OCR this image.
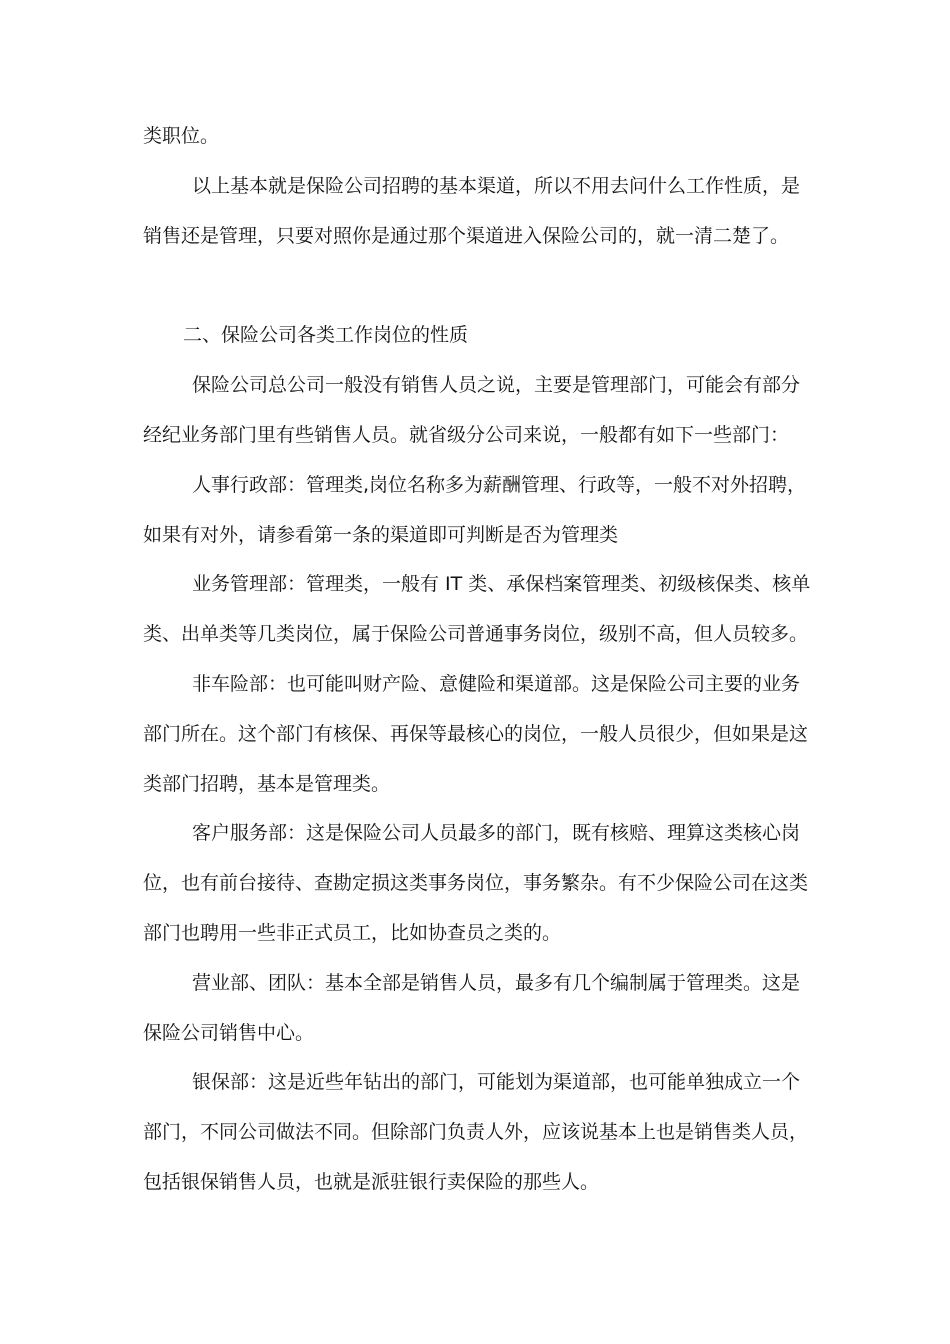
类职位。
以上基本就是保险公司招聘的基本渠道，所以不用去问什么工作性质，是
销售还是管理，只要对照你是通过那个渠道进入保险公司的，就一清二楚了。
二、保险公司各类工作岗位的性质
保险公司总公司一般没有销售人员之说，主要是管理部门，可能会有部分
经纪业务部门里有些销售人员。就省级分公司来说，一般都有如下一些部门：
人事行政部：管理类,岗位名称多为薪酬管理、行政等，一般不对外招聘，
如果有对外，请参看第一条的渠道即可判断是否为管理类
业务管理部：管理类，一般有 IT 类、承保档案管理类、初级核保类、核单
类、出单类等几类岗位，属于保险公司普通事务岗位，级别不高，但人员较多。
非车险部：也可能叫财产险、意健险和渠道部。这是保险公司主要的业务
部门所在。这个部门有核保、再保等最核心的岗位，一般人员很少，但如果是这
类部门招聘，基本是管理类。
客户服务部：这是保险公司人员最多的部门，既有核赔、理算这类核心岗
位，也有前台接待、查勘定损这类事务岗位，事务繁杂。有不少保险公司在这类
部门也聘用一些非正式员工，比如协查员之类的。
营业部、团队：基本全部是销售人员，最多有几个编制属于管理类。这是
保险公司销售中心。
银保部：这是近些年钻出的部门，可能划为渠道部，也可能单独成立一个
部门，不同公司做法不同。但除部门负责人外，应该说基本上也是销售类人员，
包括银保销售人员，也就是派驻银行卖保险的那些人。
